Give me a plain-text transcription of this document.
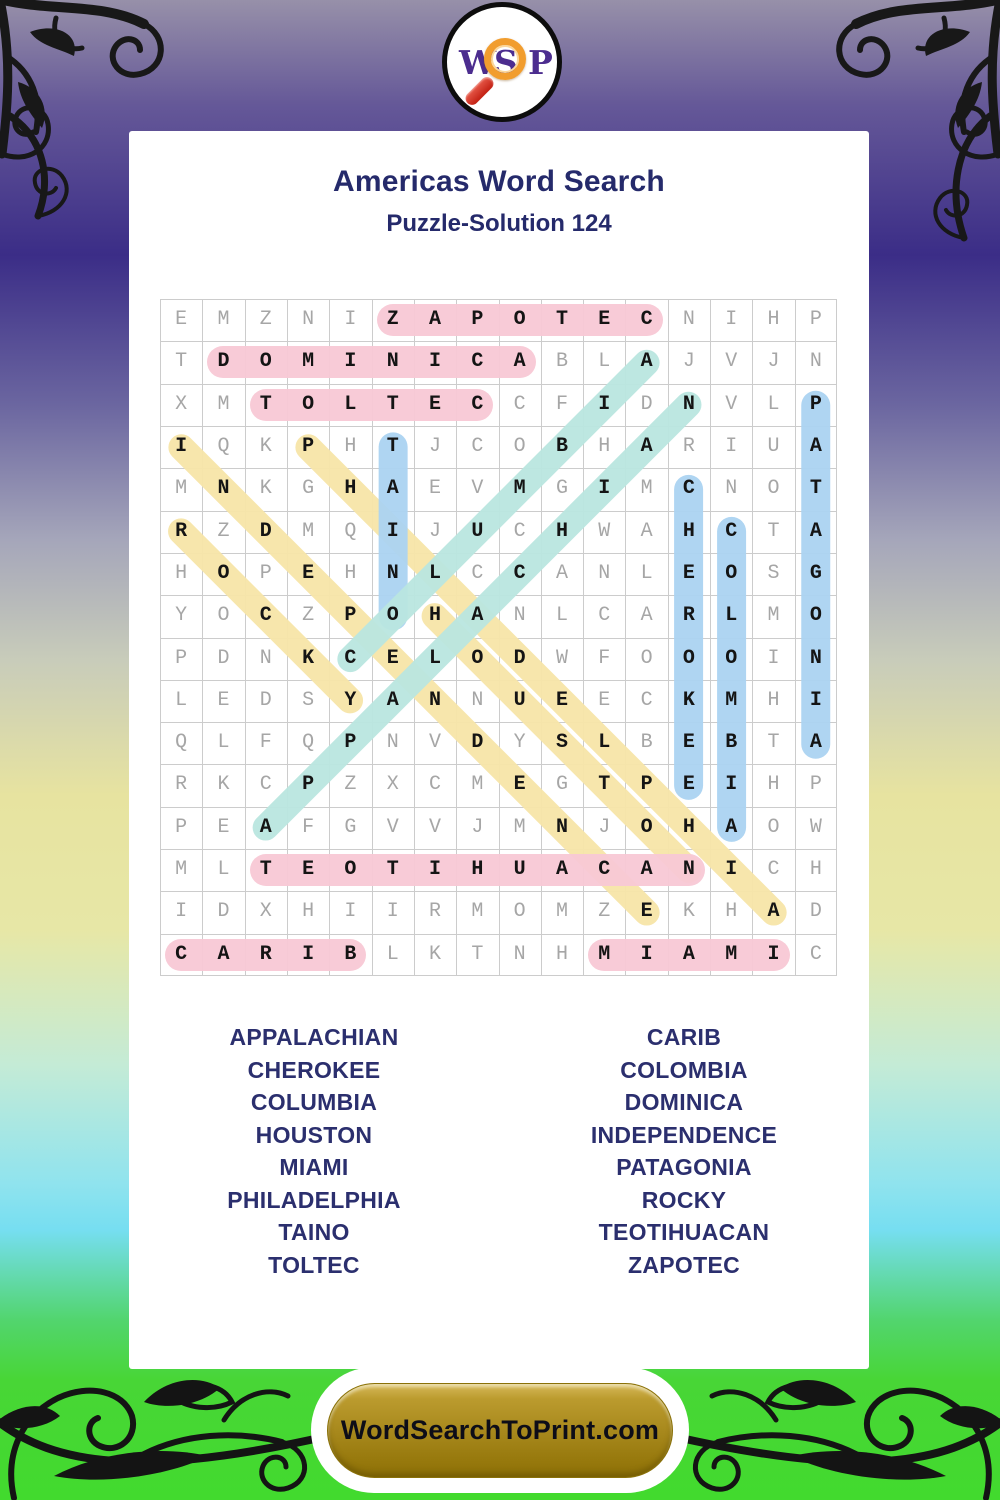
Americas Word Search
Puzzle-Solution 124
E	M	Z	N	I	Z	A	P	O	T	E	C	N	I	H	P
T	D	O	M	I	N	I	C	A	B	L	A	J	V	J	N
X	M	T	O	L	T	E	C	C	F	I	D	N	V	L	P
I	Q	K	P	H	T	J	C	O	B	H	A	R	I	U	A
M	N	K	G	H	A	E	V	M	G	I	M	C	N	O	T
R	Z	D	M	Q	I	J	U	C	H	W	A	H	C	T	A
H	O	P	E	H	N	L	C	C	A	N	L	E	O	S	G
Y	O	C	Z	P	O	H	A	N	L	C	A	R	L	M	O
P	D	N	K	C	E	L	O	D	W	F	O	O	O	I	N
L	E	D	S	Y	A	N	N	U	E	E	C	K	M	H	I
Q	L	F	Q	P	N	V	D	Y	S	L	B	E	B	T	A
R	K	C	P	Z	X	C	M	E	G	T	P	E	I	H	P
P	E	A	F	G	V	V	J	M	N	J	O	H	A	O	W
M	L	T	E	O	T	I	H	U	A	C	A	N	I	C	H
I	D	X	H	I	I	R	M	O	M	Z	E	K	H	A	D
C	A	R	I	B	L	K	T	N	H	M	I	A	M	I	C
APPALACHIAN
CHEROKEE
COLUMBIA
HOUSTON
MIAMI
PHILADELPHIA
TAINO
TOLTEC
CARIB
COLOMBIA
DOMINICA
INDEPENDENCE
PATAGONIA
ROCKY
TEOTIHUACAN
ZAPOTEC
WordSearchToPrint.com
W
S P
